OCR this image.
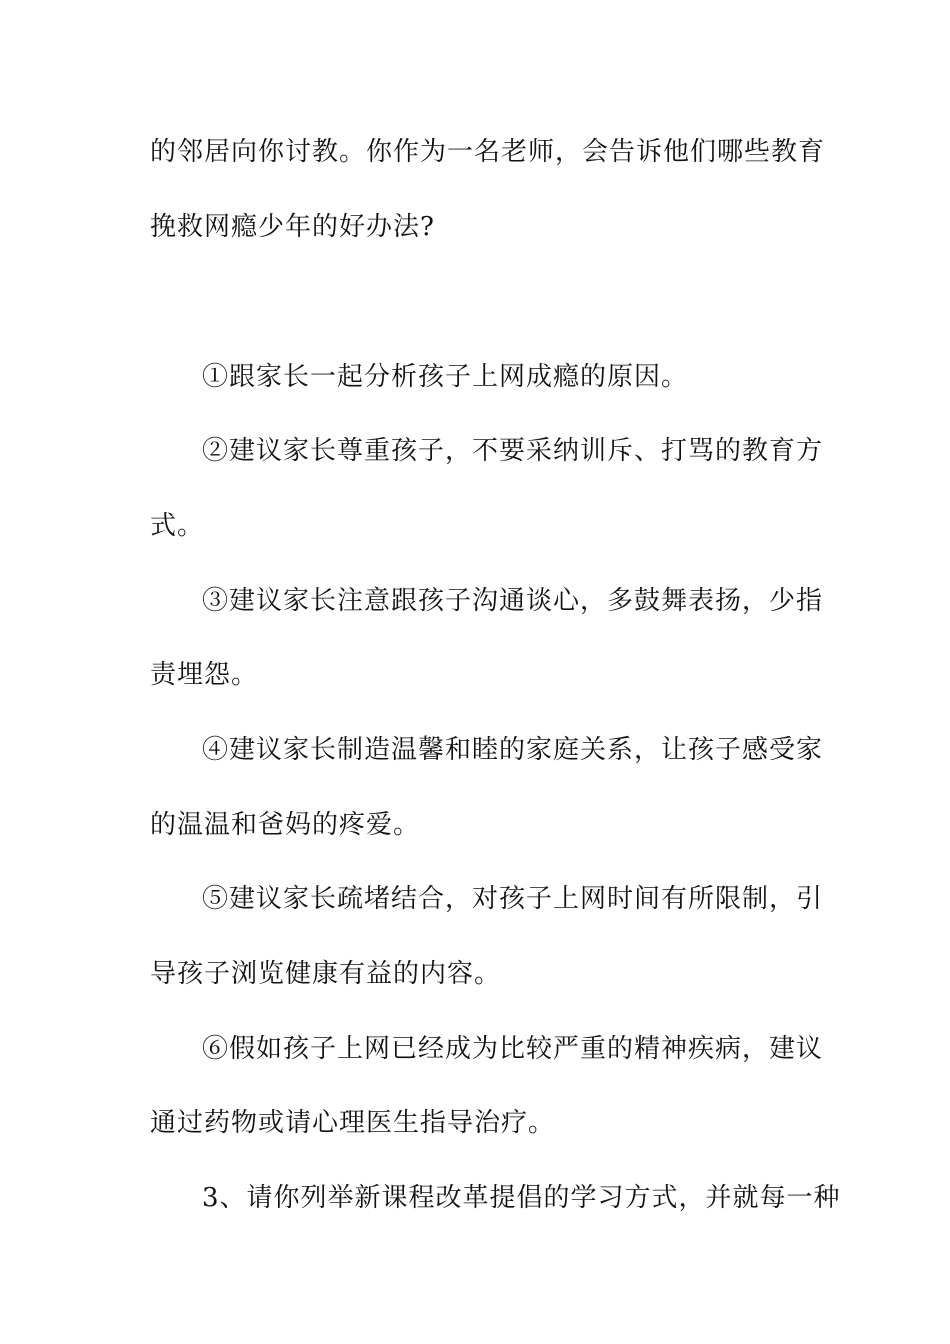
的邻居向你讨教。你作为一名老师，会告诉他们哪些教育
挽救网瘾少年的好办法?
①跟家长一起分析孩子上网成瘾的原因。
②建议家长尊重孩子，不要采纳训斥、打骂的教育方
式。
③建议家长注意跟孩子沟通谈心，多鼓舞表扬，少指
责埋怨。
④建议家长制造温馨和睦的家庭关系，让孩子感受家
的温温和爸妈的疼爱。
⑤建议家长疏堵结合，对孩子上网时间有所限制，引
导孩子浏览健康有益的内容。
⑥假如孩子上网已经成为比较严重的精神疾病，建议
通过药物或请心理医生指导治疗。
3、请你列举新课程改革提倡的学习方式，并就每一种
